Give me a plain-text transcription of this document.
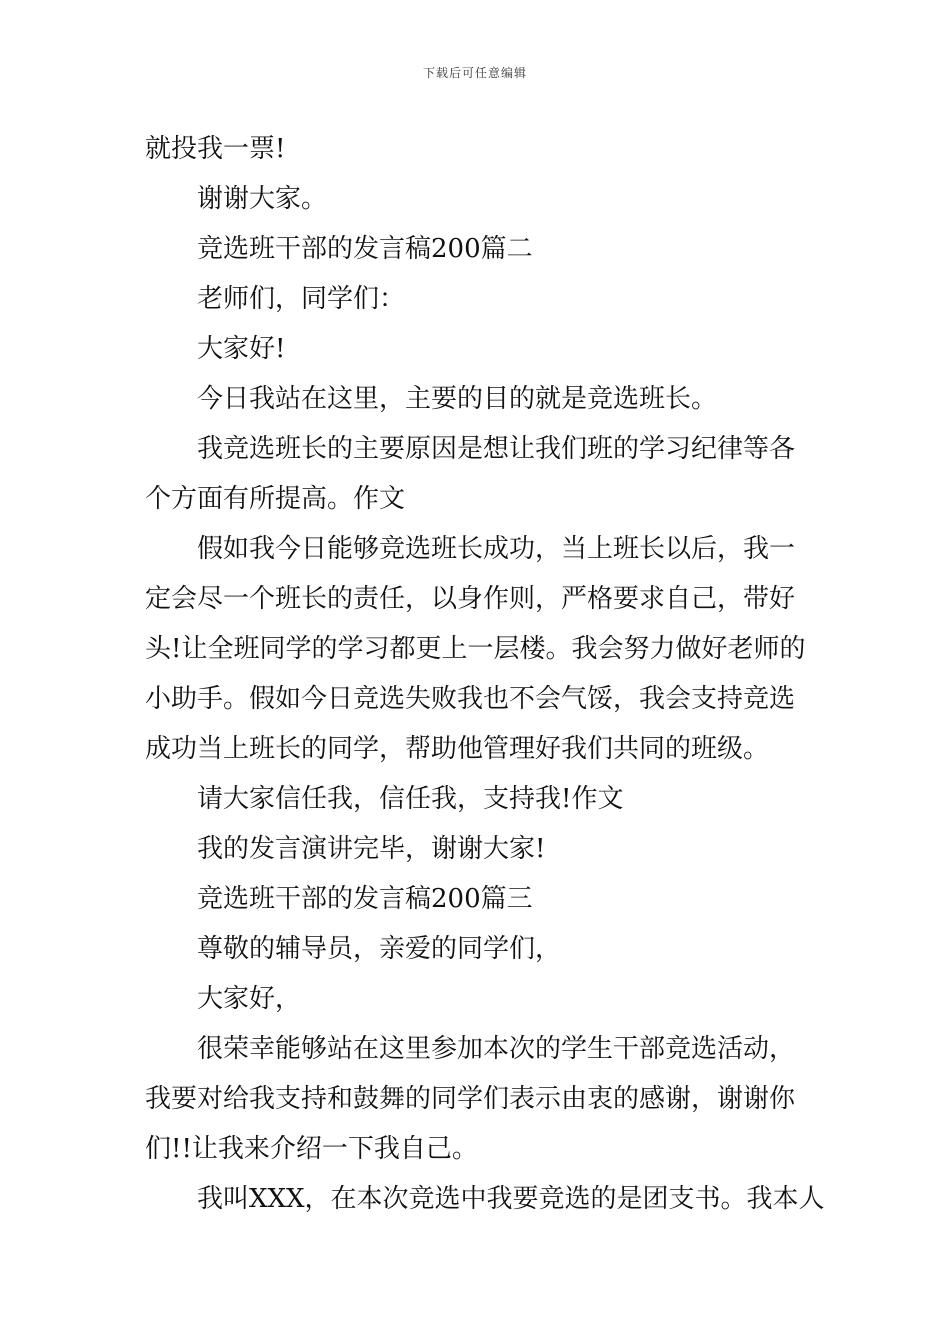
下载后可任意编辑
就投我一票!
谢谢大家。
竞选班干部的发言稿200篇二
老师们，同学们：
大家好!
今日我站在这里，主要的目的就是竞选班长。
我竞选班长的主要原因是想让我们班的学习纪律等各
个方面有所提高。作文
假如我今日能够竞选班长成功，当上班长以后，我一
定会尽一个班长的责任，以身作则，严格要求自己，带好
头!让全班同学的学习都更上一层楼。我会努力做好老师的
小助手。假如今日竞选失败我也不会气馁，我会支持竞选
成功当上班长的同学，帮助他管理好我们共同的班级。
请大家信任我，信任我，支持我!作文
我的发言演讲完毕，谢谢大家!
竞选班干部的发言稿200篇三
尊敬的辅导员，亲爱的同学们，
大家好，
很荣幸能够站在这里参加本次的学生干部竞选活动，
我要对给我支持和鼓舞的同学们表示由衷的感谢，谢谢你
们!!让我来介绍一下我自己。
我叫XXX，在本次竞选中我要竞选的是团支书。我本人
